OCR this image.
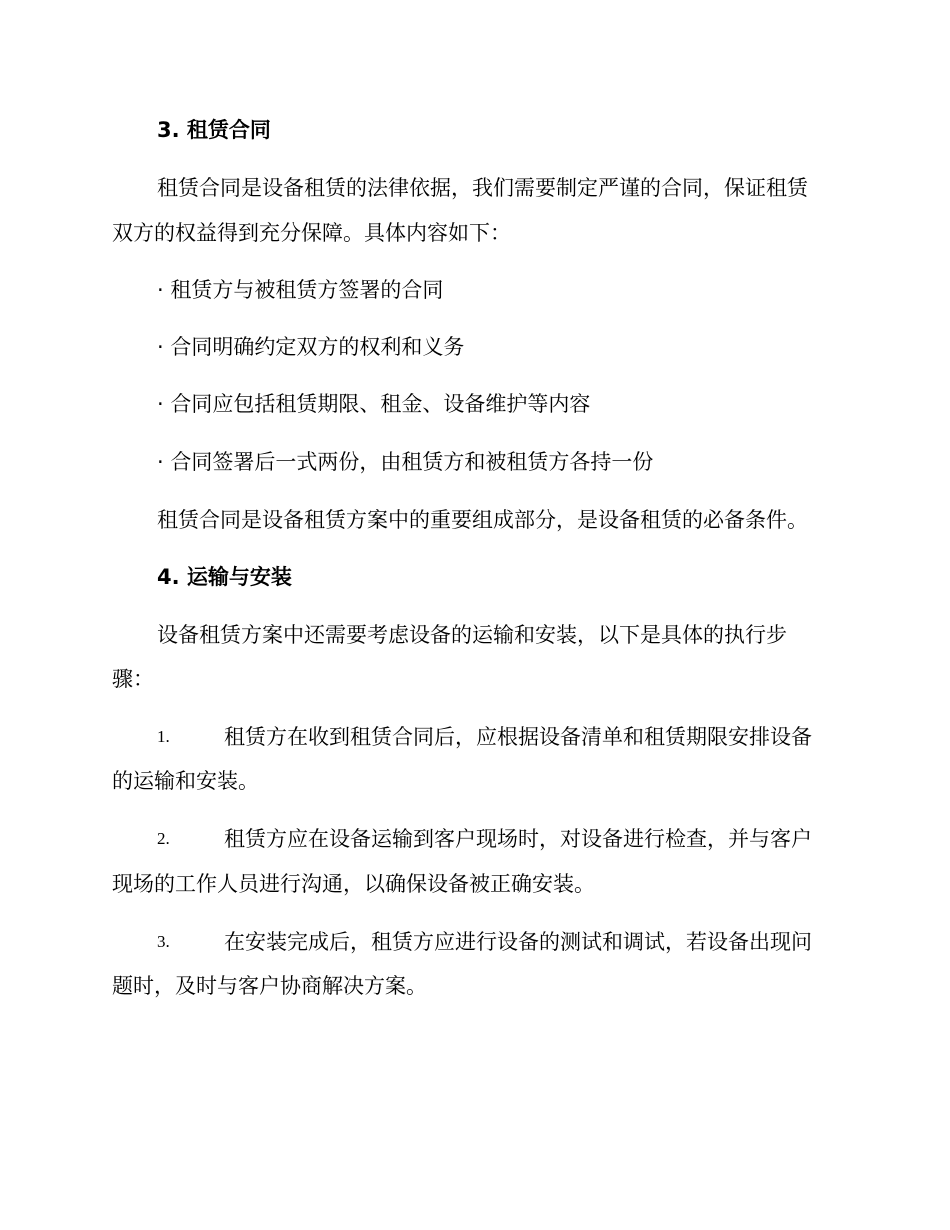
3. 租赁合同
租赁合同是设备租赁的法律依据，我们需要制定严谨的合同，保证租赁
双方的权益得到充分保障。具体内容如下：
· 租赁方与被租赁方签署的合同
· 合同明确约定双方的权利和义务
· 合同应包括租赁期限、租金、设备维护等内容
· 合同签署后一式两份，由租赁方和被租赁方各持一份
租赁合同是设备租赁方案中的重要组成部分，是设备租赁的必备条件。
4. 运输与安装
设备租赁方案中还需要考虑设备的运输和安装，以下是具体的执行步
骤：
1.	租赁方在收到租赁合同后，应根据设备清单和租赁期限安排设备
的运输和安装。
2.	租赁方应在设备运输到客户现场时，对设备进行检查，并与客户
现场的工作人员进行沟通，以确保设备被正确安装。
3.	在安装完成后，租赁方应进行设备的测试和调试，若设备出现问
题时，及时与客户协商解决方案。
